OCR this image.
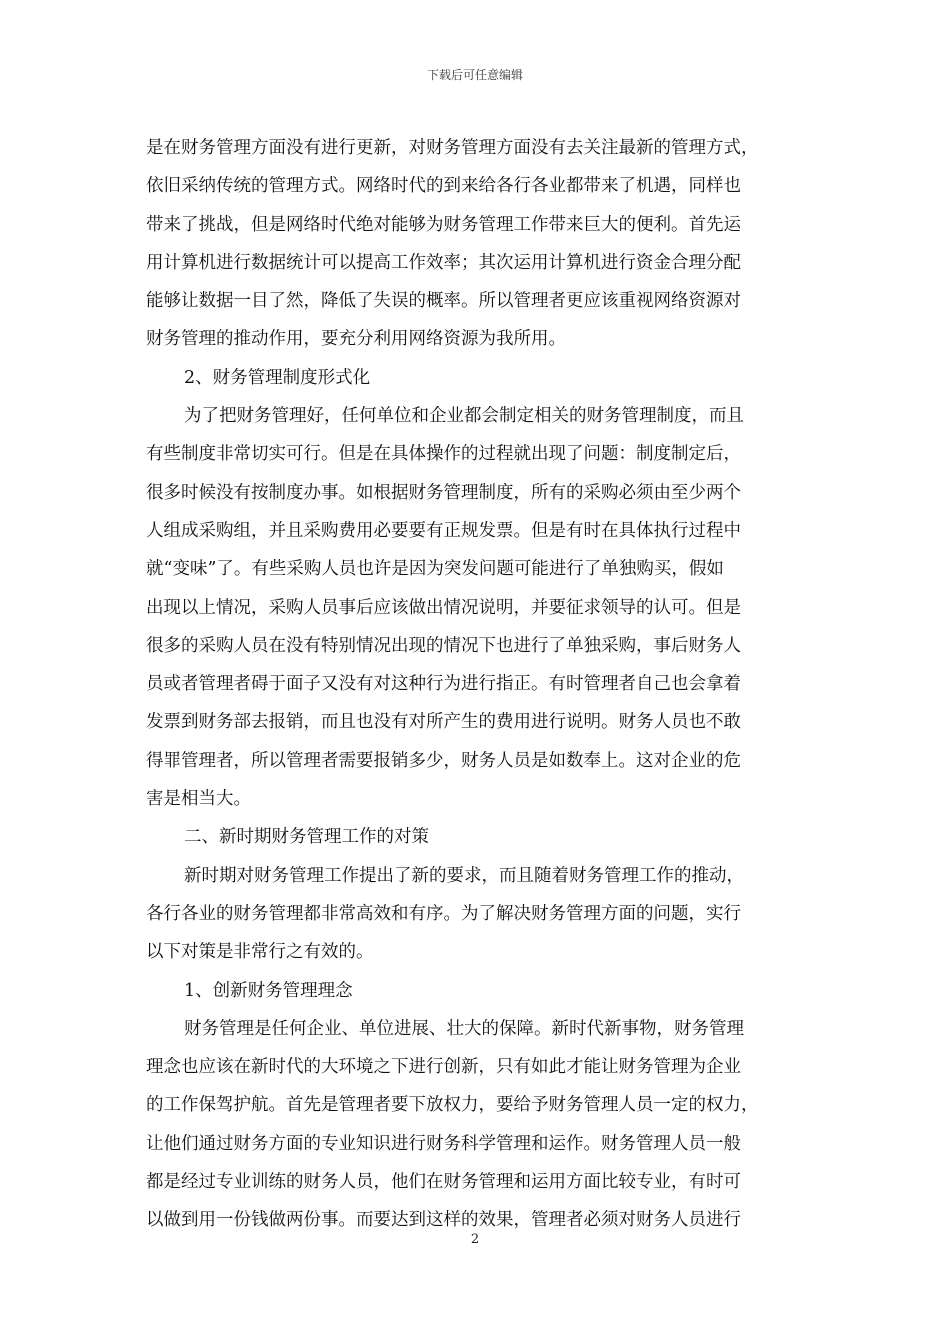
下载后可任意编辑
是在财务管理方面没有进行更新，对财务管理方面没有去关注最新的管理方式，
依旧采纳传统的管理方式。网络时代的到来给各行各业都带来了机遇，同样也
带来了挑战，但是网络时代绝对能够为财务管理工作带来巨大的便利。首先运
用计算机进行数据统计可以提高工作效率；其次运用计算机进行资金合理分配
能够让数据一目了然，降低了失误的概率。所以管理者更应该重视网络资源对
财务管理的推动作用，要充分利用网络资源为我所用。
2、财务管理制度形式化
为了把财务管理好，任何单位和企业都会制定相关的财务管理制度，而且
有些制度非常切实可行。但是在具体操作的过程就出现了问题：制度制定后，
很多时候没有按制度办事。如根据财务管理制度，所有的采购必须由至少两个
人组成采购组，并且采购费用必要要有正规发票。但是有时在具体执行过程中
就“变味”了。有些采购人员也许是因为突发问题可能进行了单独购买，假如
出现以上情况，采购人员事后应该做出情况说明，并要征求领导的认可。但是
很多的采购人员在没有特别情况出现的情况下也进行了单独采购，事后财务人
员或者管理者碍于面子又没有对这种行为进行指正。有时管理者自己也会拿着
发票到财务部去报销，而且也没有对所产生的费用进行说明。财务人员也不敢
得罪管理者，所以管理者需要报销多少，财务人员是如数奉上。这对企业的危
害是相当大。
二、新时期财务管理工作的对策
新时期对财务管理工作提出了新的要求，而且随着财务管理工作的推动，
各行各业的财务管理都非常高效和有序。为了解决财务管理方面的问题，实行
以下对策是非常行之有效的。
1、创新财务管理理念
财务管理是任何企业、单位进展、壮大的保障。新时代新事物，财务管理
理念也应该在新时代的大环境之下进行创新，只有如此才能让财务管理为企业
的工作保驾护航。首先是管理者要下放权力，要给予财务管理人员一定的权力，
让他们通过财务方面的专业知识进行财务科学管理和运作。财务管理人员一般
都是经过专业训练的财务人员，他们在财务管理和运用方面比较专业，有时可
以做到用一份钱做两份事。而要达到这样的效果，管理者必须对财务人员进行
2
